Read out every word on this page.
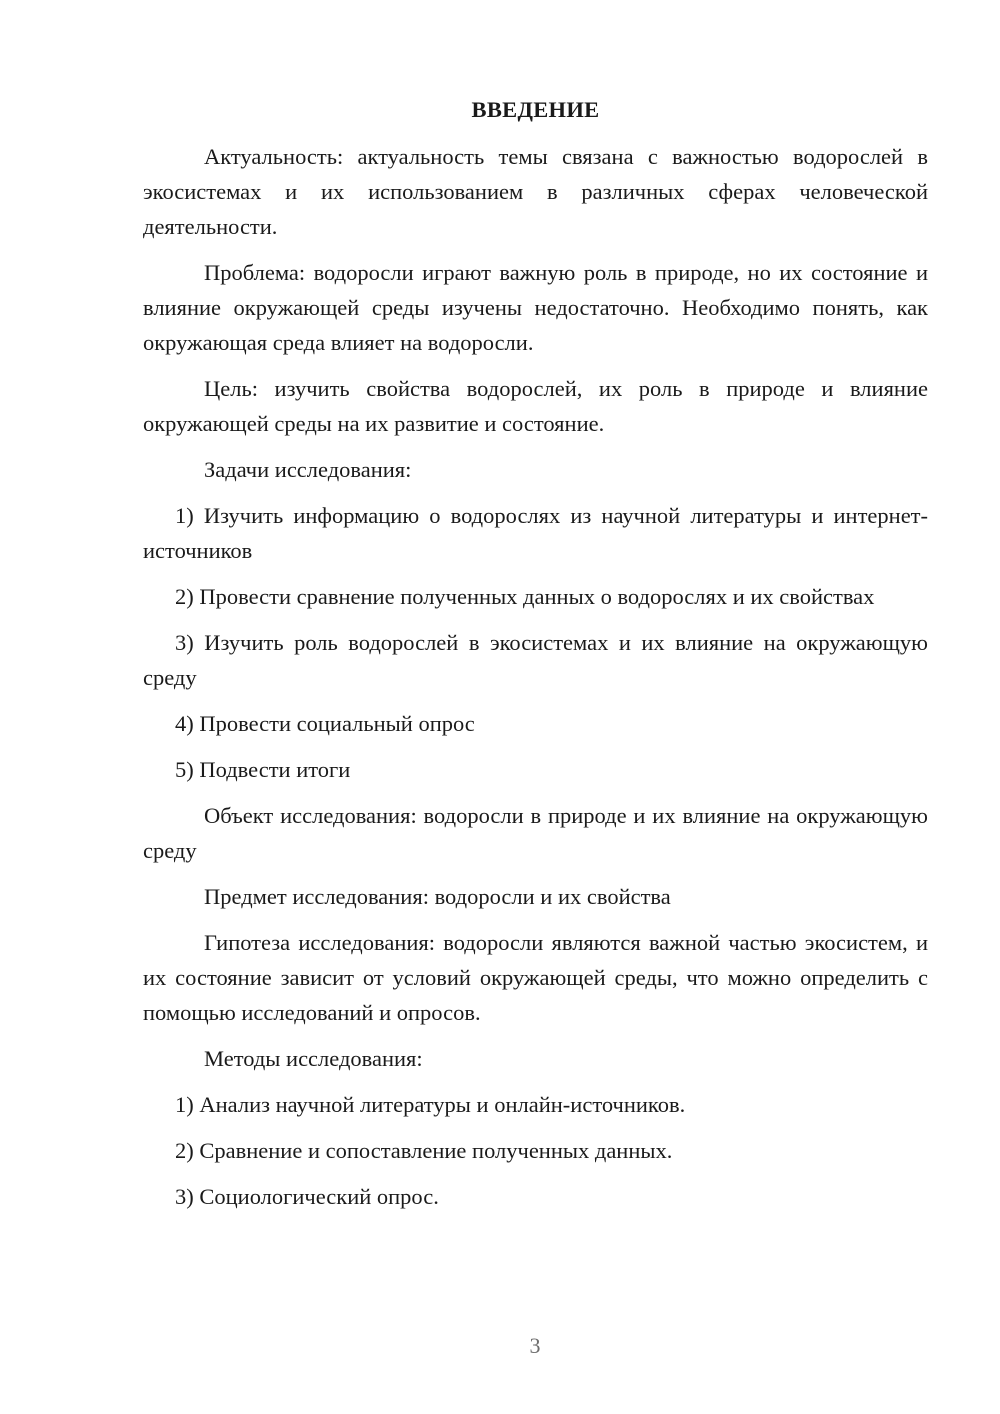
ВВЕДЕНИЕ

Актуальность: актуальность темы связана с важностью водорослей в экосистемах и их использованием в различных сферах человеческой деятельности.

Проблема: водоросли играют важную роль в природе, но их состояние и влияние окружающей среды изучены недостаточно. Необходимо понять, как окружающая среда влияет на водоросли.

Цель: изучить свойства водорослей, их роль в природе и влияние окружающей среды на их развитие и состояние.

Задачи исследования:

1) Изучить информацию о водорослях из научной литературы и интернет-источников

2) Провести сравнение полученных данных о водорослях и их свойствах

3) Изучить роль водорослей в экосистемах и их влияние на окружающую среду

4) Провести социальный опрос

5) Подвести итоги

Объект исследования: водоросли в природе и их влияние на окружающую среду

Предмет исследования: водоросли и их свойства

Гипотеза исследования: водоросли являются важной частью экосистем, и их состояние зависит от условий окружающей среды, что можно определить с помощью исследований и опросов.

Методы исследования:

1) Анализ научной литературы и онлайн-источников.

2) Сравнение и сопоставление полученных данных.

3) Социологический опрос.

3
